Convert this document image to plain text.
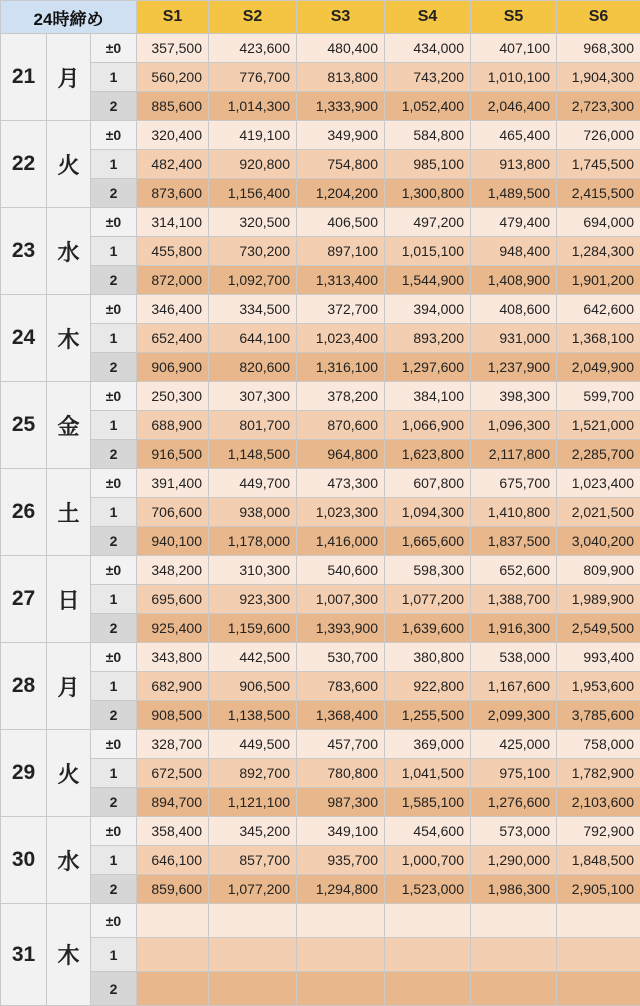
24時締め			S1	S2	S3	S4	S5	S6
21	月	±0	357,500	423,600	480,400	434,000	407,100	968,300
		1	560,200	776,700	813,800	743,200	1,010,100	1,904,300
		2	885,600	1,014,300	1,333,900	1,052,400	2,046,400	2,723,300
22	火	±0	320,400	419,100	349,900	584,800	465,400	726,000
		1	482,400	920,800	754,800	985,100	913,800	1,745,500
		2	873,600	1,156,400	1,204,200	1,300,800	1,489,500	2,415,500
23	水	±0	314,100	320,500	406,500	497,200	479,400	694,000
		1	455,800	730,200	897,100	1,015,100	948,400	1,284,300
		2	872,000	1,092,700	1,313,400	1,544,900	1,408,900	1,901,200
24	木	±0	346,400	334,500	372,700	394,000	408,600	642,600
		1	652,400	644,100	1,023,400	893,200	931,000	1,368,100
		2	906,900	820,600	1,316,100	1,297,600	1,237,900	2,049,900
25	金	±0	250,300	307,300	378,200	384,100	398,300	599,700
		1	688,900	801,700	870,600	1,066,900	1,096,300	1,521,000
		2	916,500	1,148,500	964,800	1,623,800	2,117,800	2,285,700
26	土	±0	391,400	449,700	473,300	607,800	675,700	1,023,400
		1	706,600	938,000	1,023,300	1,094,300	1,410,800	2,021,500
		2	940,100	1,178,000	1,416,000	1,665,600	1,837,500	3,040,200
27	日	±0	348,200	310,300	540,600	598,300	652,600	809,900
		1	695,600	923,300	1,007,300	1,077,200	1,388,700	1,989,900
		2	925,400	1,159,600	1,393,900	1,639,600	1,916,300	2,549,500
28	月	±0	343,800	442,500	530,700	380,800	538,000	993,400
		1	682,900	906,500	783,600	922,800	1,167,600	1,953,600
		2	908,500	1,138,500	1,368,400	1,255,500	2,099,300	3,785,600
29	火	±0	328,700	449,500	457,700	369,000	425,000	758,000
		1	672,500	892,700	780,800	1,041,500	975,100	1,782,900
		2	894,700	1,121,100	987,300	1,585,100	1,276,600	2,103,600
30	水	±0	358,400	345,200	349,100	454,600	573,000	792,900
		1	646,100	857,700	935,700	1,000,700	1,290,000	1,848,500
		2	859,600	1,077,200	1,294,800	1,523,000	1,986,300	2,905,100
31	木	±0						
		1						
		2						
